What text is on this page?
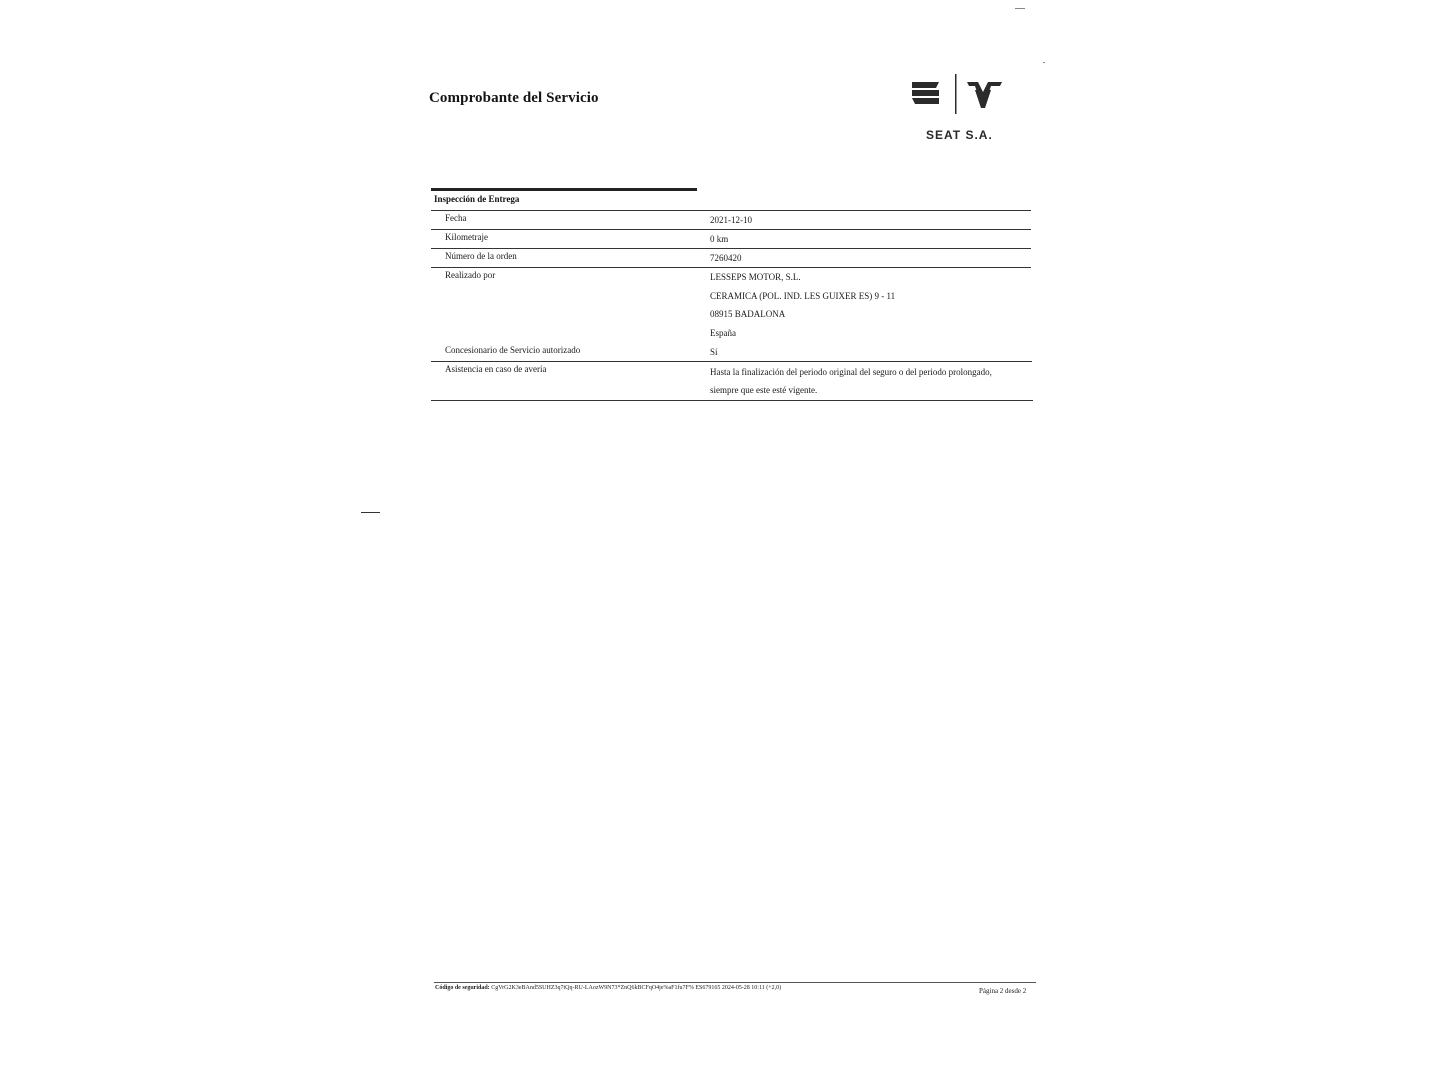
Comprobante del Servicio
SEAT S.A.
Inspección de Entrega
Fecha	2021-12-10
Kilometraje	0 km
Número de la orden	7260420
Realizado por	LESSEPS MOTOR, S.L.
CERAMICA (POL. IND. LES GUIXER ES) 9 - 11
08915 BADALONA
España
Concesionario de Servicio autorizado	Sí
Asistencia en caso de avería	Hasta la finalización del periodo original del seguro o del periodo prolongado,
siempre que este esté vigente.
Código de seguridad: CgVrG2K3eBAnd5SUHZ3q7tQq-RU-LAozW9N73*ZnQ6kBCFqO4je%aF1fu7F% ES679165 2024-05-28 10:11 (+2,0)	Página 2 desde 2
